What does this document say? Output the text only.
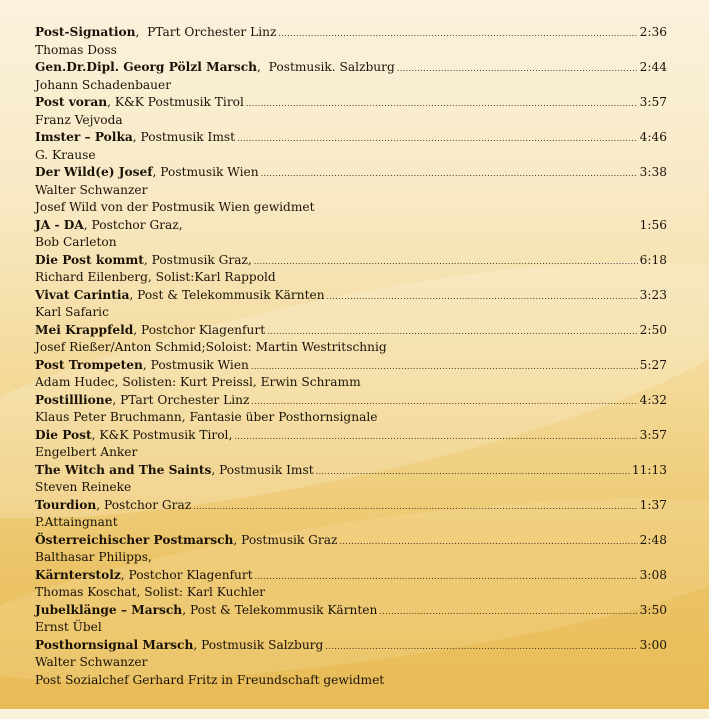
Post-Signation , PTart Orchester Linz .....	2:36
Thomas Doss
Gen.Dr.Dipl. Georg Pölzl Marsch , Postmusik. Salzburg .....	2:44
Johann Schadenbauer
Post voran , K&K Postmusik Tirol .....	3:57
Franz Vejvoda
Imster – Polka , Postmusik Imst .....	4:46
G. Krause
Der Wild(e) Josef , Postmusik Wien .....	3:38
Walter Schwanzer
Josef Wild von der Postmusik Wien gewidmet
JA - DA , Postchor Graz,	1:56
Bob Carleton
Die Post kommt , Postmusik Graz, .....	6:18
Richard Eilenberg, Solist:Karl Rappold
Vivat Carintia , Post & Telekommusik Kärnten .....	3:23
Karl Safaric
Mei Krappfeld , Postchor Klagenfurt .....	2:50
Josef Rießer/Anton Schmid;Soloist: Martin Westritschnig
Post Trompeten , Postmusik Wien .....	5:27
Adam Hudec, Solisten: Kurt Preissl, Erwin Schramm
Postilllione , PTart Orchester Linz .....	4:32
Klaus Peter Bruchmann, Fantasie über Posthornsignale
Die Post , K&K Postmusik Tirol, .....	3:57
Engelbert Anker
The Witch and The Saints , Postmusik Imst .....	11:13
Steven Reineke
Tourdion , Postchor Graz .....	1:37
P.Attaingnant
Österreichischer Postmarsch , Postmusik Graz .....	2:48
Balthasar Philipps,
Kärnterstolz , Postchor Klagenfurt .....	3:08
Thomas Koschat, Solist: Karl Kuchler
Jubelklänge – Marsch , Post & Telekommusik Kärnten .....	3:50
Ernst Übel
Posthornsignal Marsch , Postmusik Salzburg .....	3:00
Walter Schwanzer
Post Sozialchef Gerhard Fritz in Freundschaft gewidmet
